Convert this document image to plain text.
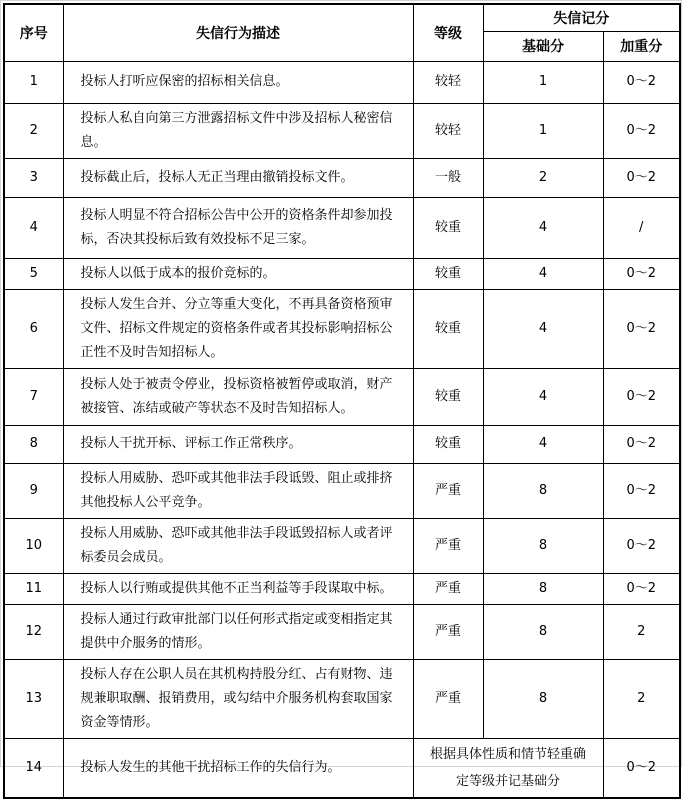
序号	失信行为描述	等级	失信记分	
			基础分	加重分
1	投标人打听应保密的招标相关信息。	较轻	1	0～2
2	投标人私自向第三方泄露招标文件中涉及招标人秘密信息。	较轻	1	0～2
3	投标截止后，投标人无正当理由撤销投标文件。	一般	2	0～2
4	投标人明显不符合招标公告中公开的资格条件却参加投标，否决其投标后致有效投标不足三家。	较重	4	/
5	投标人以低于成本的报价竞标的。	较重	4	0～2
6	投标人发生合并、分立等重大变化，不再具备资格预审文件、招标文件规定的资格条件或者其投标影响招标公正性不及时告知招标人。	较重	4	0～2
7	投标人处于被责令停业，投标资格被暂停或取消，财产被接管、冻结或破产等状态不及时告知招标人。	较重	4	0～2
8	投标人干扰开标、评标工作正常秩序。	较重	4	0～2
9	投标人用威胁、恐吓或其他非法手段诋毁、阻止或排挤其他投标人公平竞争。	严重	8	0～2
10	投标人用威胁、恐吓或其他非法手段诋毁招标人或者评标委员会成员。	严重	8	0～2
11	投标人以行贿或提供其他不正当利益等手段谋取中标。	严重	8	0～2
12	投标人通过行政审批部门以任何形式指定或变相指定其提供中介服务的情形。	严重	8	2
13	投标人存在公职人员在其机构持股分红、占有财物、违规兼职取酬、报销费用，或勾结中介服务机构套取国家资金等情形。	严重	8	2
14	投标人发生的其他干扰招标工作的失信行为。	根据具体性质和情节轻重确定等级并记基础分		0～2
